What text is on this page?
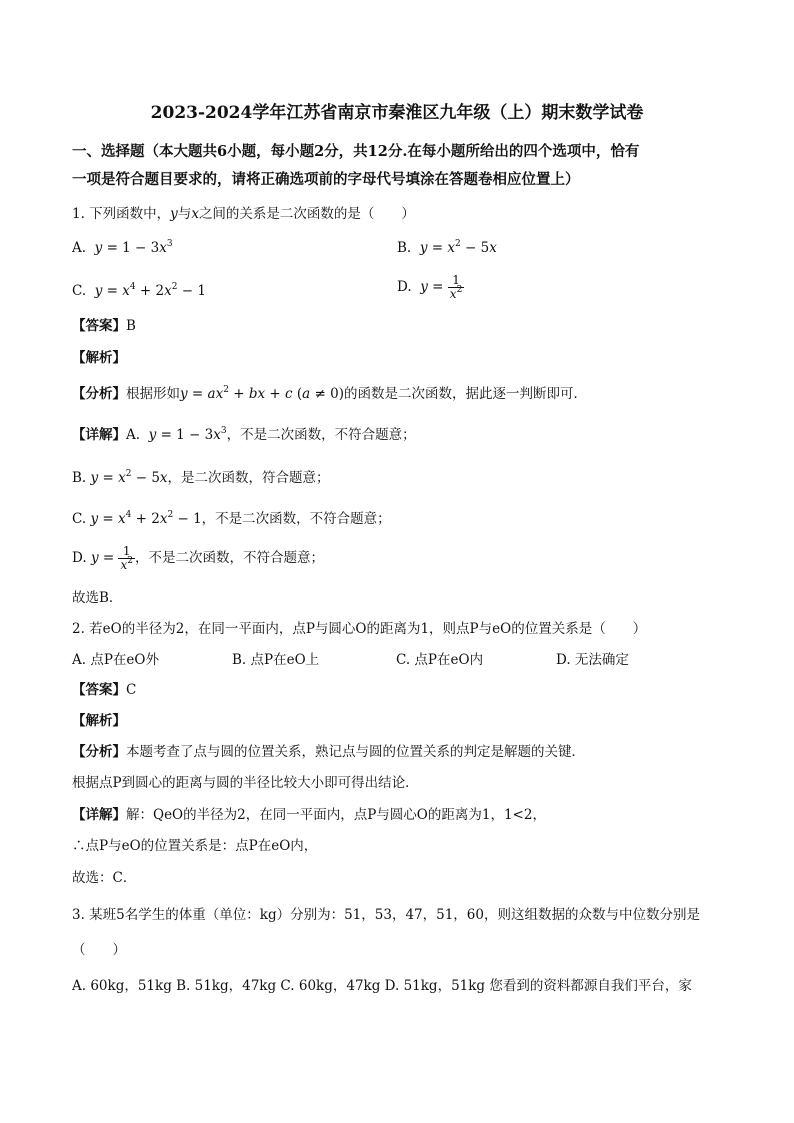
2023-2024学年江苏省南京市秦淮区九年级（上）期末数学试卷
一、选择题（本大题共6小题，每小题2分，共12分.在每小题所给出的四个选项中，恰有
一项是符合题目要求的，请将正确选项前的字母代号填涂在答题卷相应位置上）
1. 下列函数中，y与x之间的关系是二次函数的是（　　）
A. $y = 1 - 3x^3$	B. $y = x^2 - 5x$
C. $y = x^4 + 2x^2 - 1$	D. $y = \frac{1}{x^2}$
【答案】B
【解析】
【分析】根据形如$y = ax^2$ + bx + c (a ≠ 0)的函数是二次函数，据此逐一判断即可．
【详解】A. $y = 1 - 3x^3$，不是二次函数，不符合题意；
B. $y = x^2 - 5x$，是二次函数，符合题意；
C. $y = x^4 + 2x^2 - 1$，不是二次函数，不符合题意；
D. $y = \frac{1}{x^2}$ ，不是二次函数，不符合题意；
故选B．
2. 若eO的半径为2，在同一平面内，点P与圆心O的距离为1，则点P与eO的位置关系是（　　）
A. 点P在eO外	B. 点P在eO上	C. 点P在eO内	D. 无法确定
【答案】C
【解析】
【分析】本题考查了点与圆的位置关系，熟记点与圆的位置关系的判定是解题的关键．
根据点P到圆心的距离与圆的半径比较大小即可得出结论．
【详解】解：QeO的半径为2，在同一平面内，点P与圆心O的距离为1，1<2，
∴点P与eO的位置关系是：点P在eO内，
故选：C．
3. 某班5名学生的体重（单位：kg）分别为：51，53，47，51，60，则这组数据的众数与中位数分别是
（　　）
A. 60kg，51kg B. 51kg，47kg C. 60kg，47kg D. 51kg，51kg 您看到的资料都源自我们平台，家
